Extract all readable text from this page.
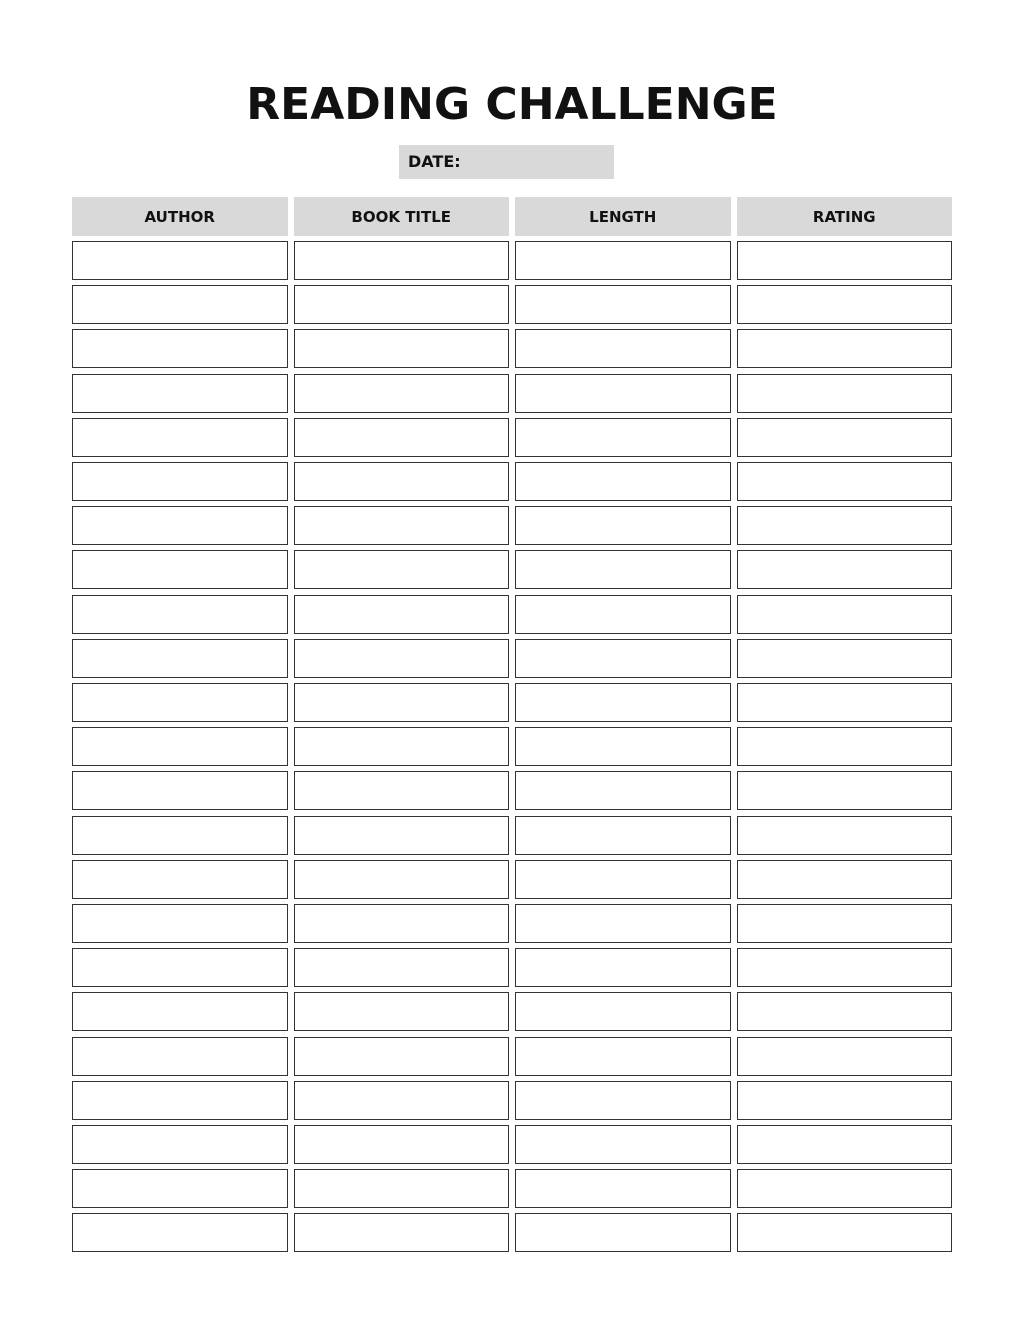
READING CHALLENGE
DATE:
AUTHOR	BOOK TITLE	LENGTH	RATING
